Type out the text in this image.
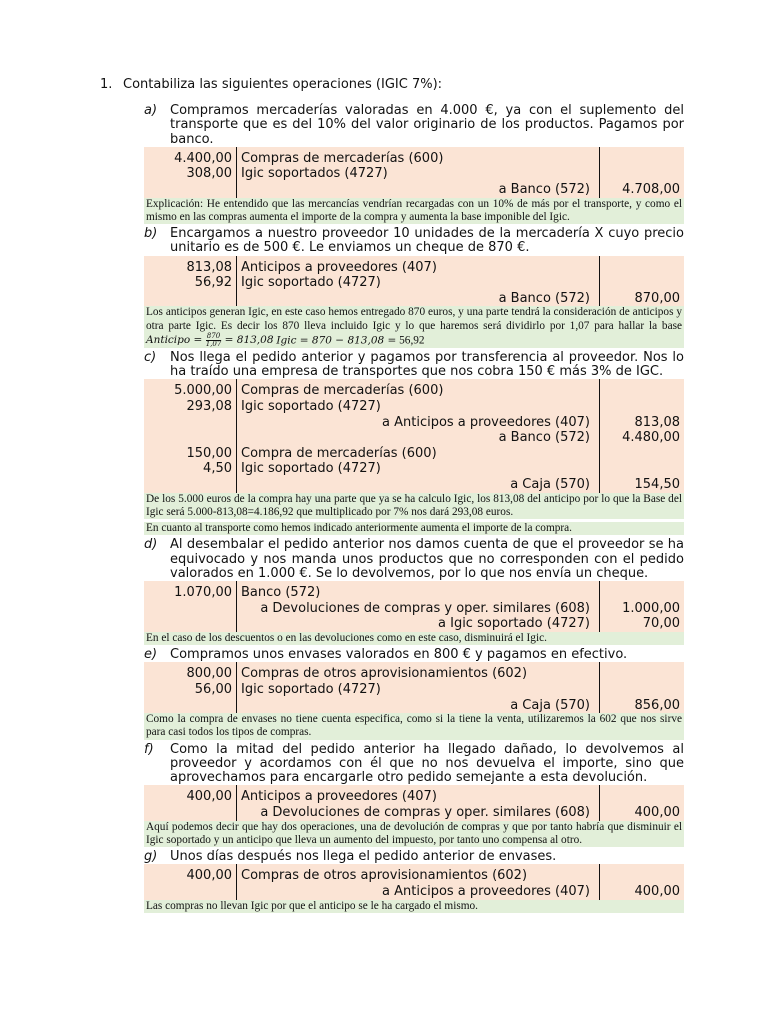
1. Contabiliza las siguientes operaciones (IGIC 7%):
a) Compramos mercaderías valoradas en 4.000 €, ya con el suplemento del transporte que es del 10% del valor originario de los productos. Pagamos por banco.
4.400,00 Compras de mercaderías (600)
308,00 Igic soportados (4727)
a Banco (572)	4.708,00
Explicación: He entendido que las mercancías vendrían recargadas con un 10% de más por el transporte, y como el mismo en las compras aumenta el importe de la compra y aumenta la base imponible del Igic.
b) Encargamos a nuestro proveedor 10 unidades de la mercadería X cuyo precio unitario es de 500 €. Le enviamos un cheque de 870 €.
813,08 Anticipos a proveedores (407)
56,92 Igic soportado (4727)
a Banco (572)	870,00
Los anticipos generan Igic, en este caso hemos entregado 870 euros, y una parte tendrá la consideración de anticipos y otra parte Igic. Es decir los 870 lleva incluido Igic y lo que haremos será dividirlo por 1,07 para hallar la base Anticipo = $\frac{870}{1,07} = 813,08$ Igic = 870 − 813,08 = 56,92
c)	Nos llega el pedido anterior y pagamos por transferencia al proveedor. Nos lo ha traído una empresa de transportes que nos cobra 150 € más 3% de IGC.
5.000,00 Compras de mercaderías (600)
293,08 Igic soportado (4727)
a Anticipos a proveedores (407)	813,08
a Banco (572)	4.480,00
150,00 Compra de mercaderías (600)
4,50 Igic soportado (4727)
a Caja (570)	154,50
De los 5.000 euros de la compra hay una parte que ya se ha calculo Igic, los 813,08 del anticipo por lo que la Base del Igic será 5.000-813,08=4.186,92 que multiplicado por 7% nos dará 293,08 euros.
En cuanto al transporte como hemos indicado anteriormente aumenta el importe de la compra.
d) Al desembalar el pedido anterior nos damos cuenta de que el proveedor se ha equivocado y nos manda unos productos que no corresponden con el pedido valorados en 1.000 €. Se lo devolvemos, por lo que nos envía un cheque.
1.070,00 Banco (572)
a Devoluciones de compras y oper. similares (608)	1.000,00
a Igic soportado (4727)	70,00
En el caso de los descuentos o en las devoluciones como en este caso, disminuirá el Igic.
e) Compramos unos envases valorados en 800 € y pagamos en efectivo.
800,00 Compras de otros aprovisionamientos (602)
56,00 Igic soportado (4727)
a Caja (570)	856,00
Como la compra de envases no tiene cuenta especifica, como si la tiene la venta, utilizaremos la 602 que nos sirve para casi todos los tipos de compras.
f)	Como la mitad del pedido anterior ha llegado dañado, lo devolvemos al proveedor y acordamos con él que no nos devuelva el importe, sino que aprovechamos para encargarle otro pedido semejante a esta devolución.
400,00 Anticipos a proveedores (407)
a Devoluciones de compras y oper. similares (608)	400,00
Aquí podemos decir que hay dos operaciones, una de devolución de compras y que por tanto habría que disminuir el Igic soportado y un anticipo que lleva un aumento del impuesto, por tanto uno compensa al otro.
g) Unos días después nos llega el pedido anterior de envases.
400,00 Compras de otros aprovisionamientos (602)
a Anticipos a proveedores (407)	400,00
Las compras no llevan Igic por que el anticipo se le ha cargado el mismo.
